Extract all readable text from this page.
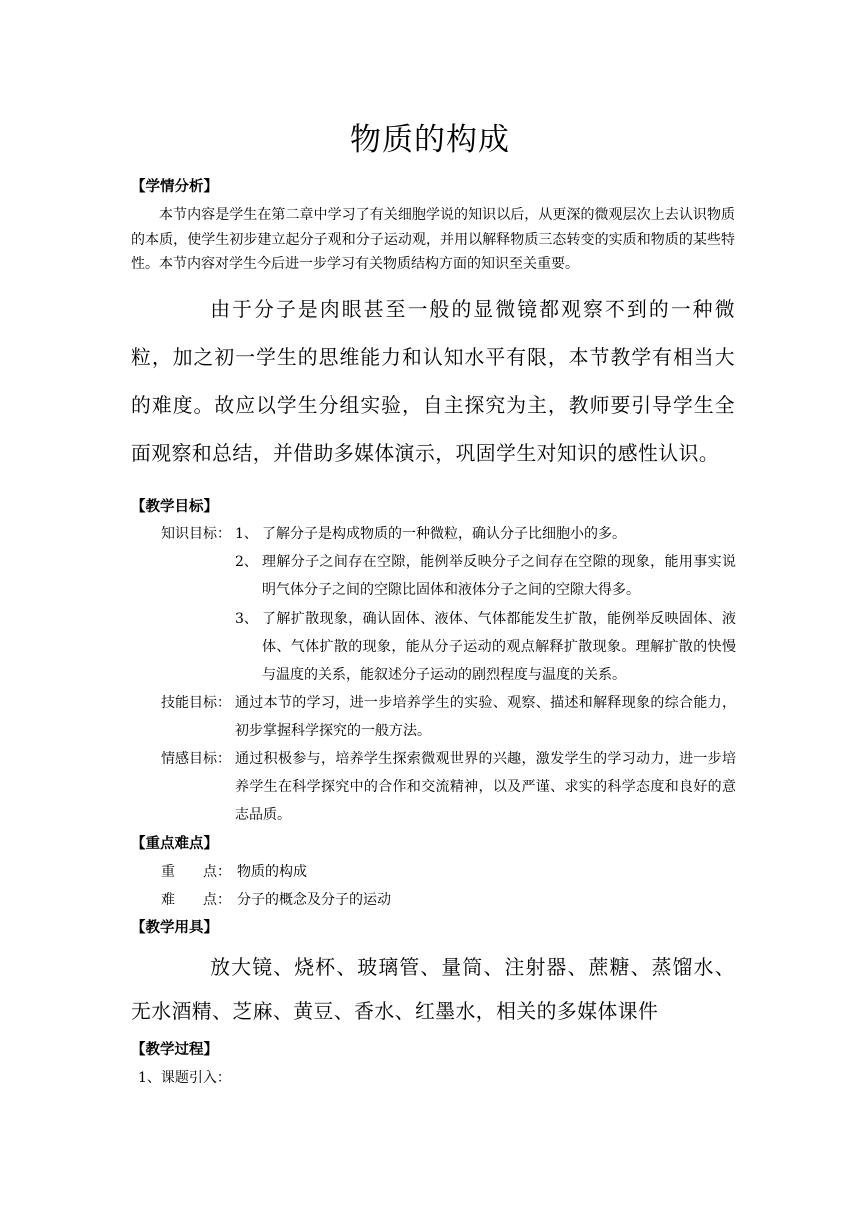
物质的构成
【学情分析】
本节内容是学生在第二章中学习了有关细胞学说的知识以后，从更深的微观层次上去认识物质的本质，使学生初步建立起分子观和分子运动观，并用以解释物质三态转变的实质和物质的某些特性。本节内容对学生今后进一步学习有关物质结构方面的知识至关重要。
由于分子是肉眼甚至一般的显微镜都观察不到的一种微粒，加之初一学生的思维能力和认知水平有限，本节教学有相当大的难度。故应以学生分组实验，自主探究为主，教师要引导学生全面观察和总结，并借助多媒体演示，巩固学生对知识的感性认识。
【教学目标】
知识目标： 1、 了解分子是构成物质的一种微粒，确认分子比细胞小的多。
2、 理解分子之间存在空隙，能例举反映分子之间存在空隙的现象，能用事实说明气体分子之间的空隙比固体和液体分子之间的空隙大得多。
3、 了解扩散现象，确认固体、液体、气体都能发生扩散，能例举反映固体、液体、气体扩散的现象，能从分子运动的观点解释扩散现象。理解扩散的快慢与温度的关系，能叙述分子运动的剧烈程度与温度的关系。
技能目标： 通过本节的学习，进一步培养学生的实验、观察、描述和解释现象的综合能力，初步掌握科学探究的一般方法。
情感目标： 通过积极参与，培养学生探索微观世界的兴趣，激发学生的学习动力，进一步培养学生在科学探究中的合作和交流精神，以及严谨、求实的科学态度和良好的意志品质。
【重点难点】
重　　点： 物质的构成
难　　点： 分子的概念及分子的运动
【教学用具】
放大镜、烧杯、玻璃管、量筒、注射器、蔗糖、蒸馏水、无水酒精、芝麻、黄豆、香水、红墨水，相关的多媒体课件
【教学过程】
1、课题引入：
